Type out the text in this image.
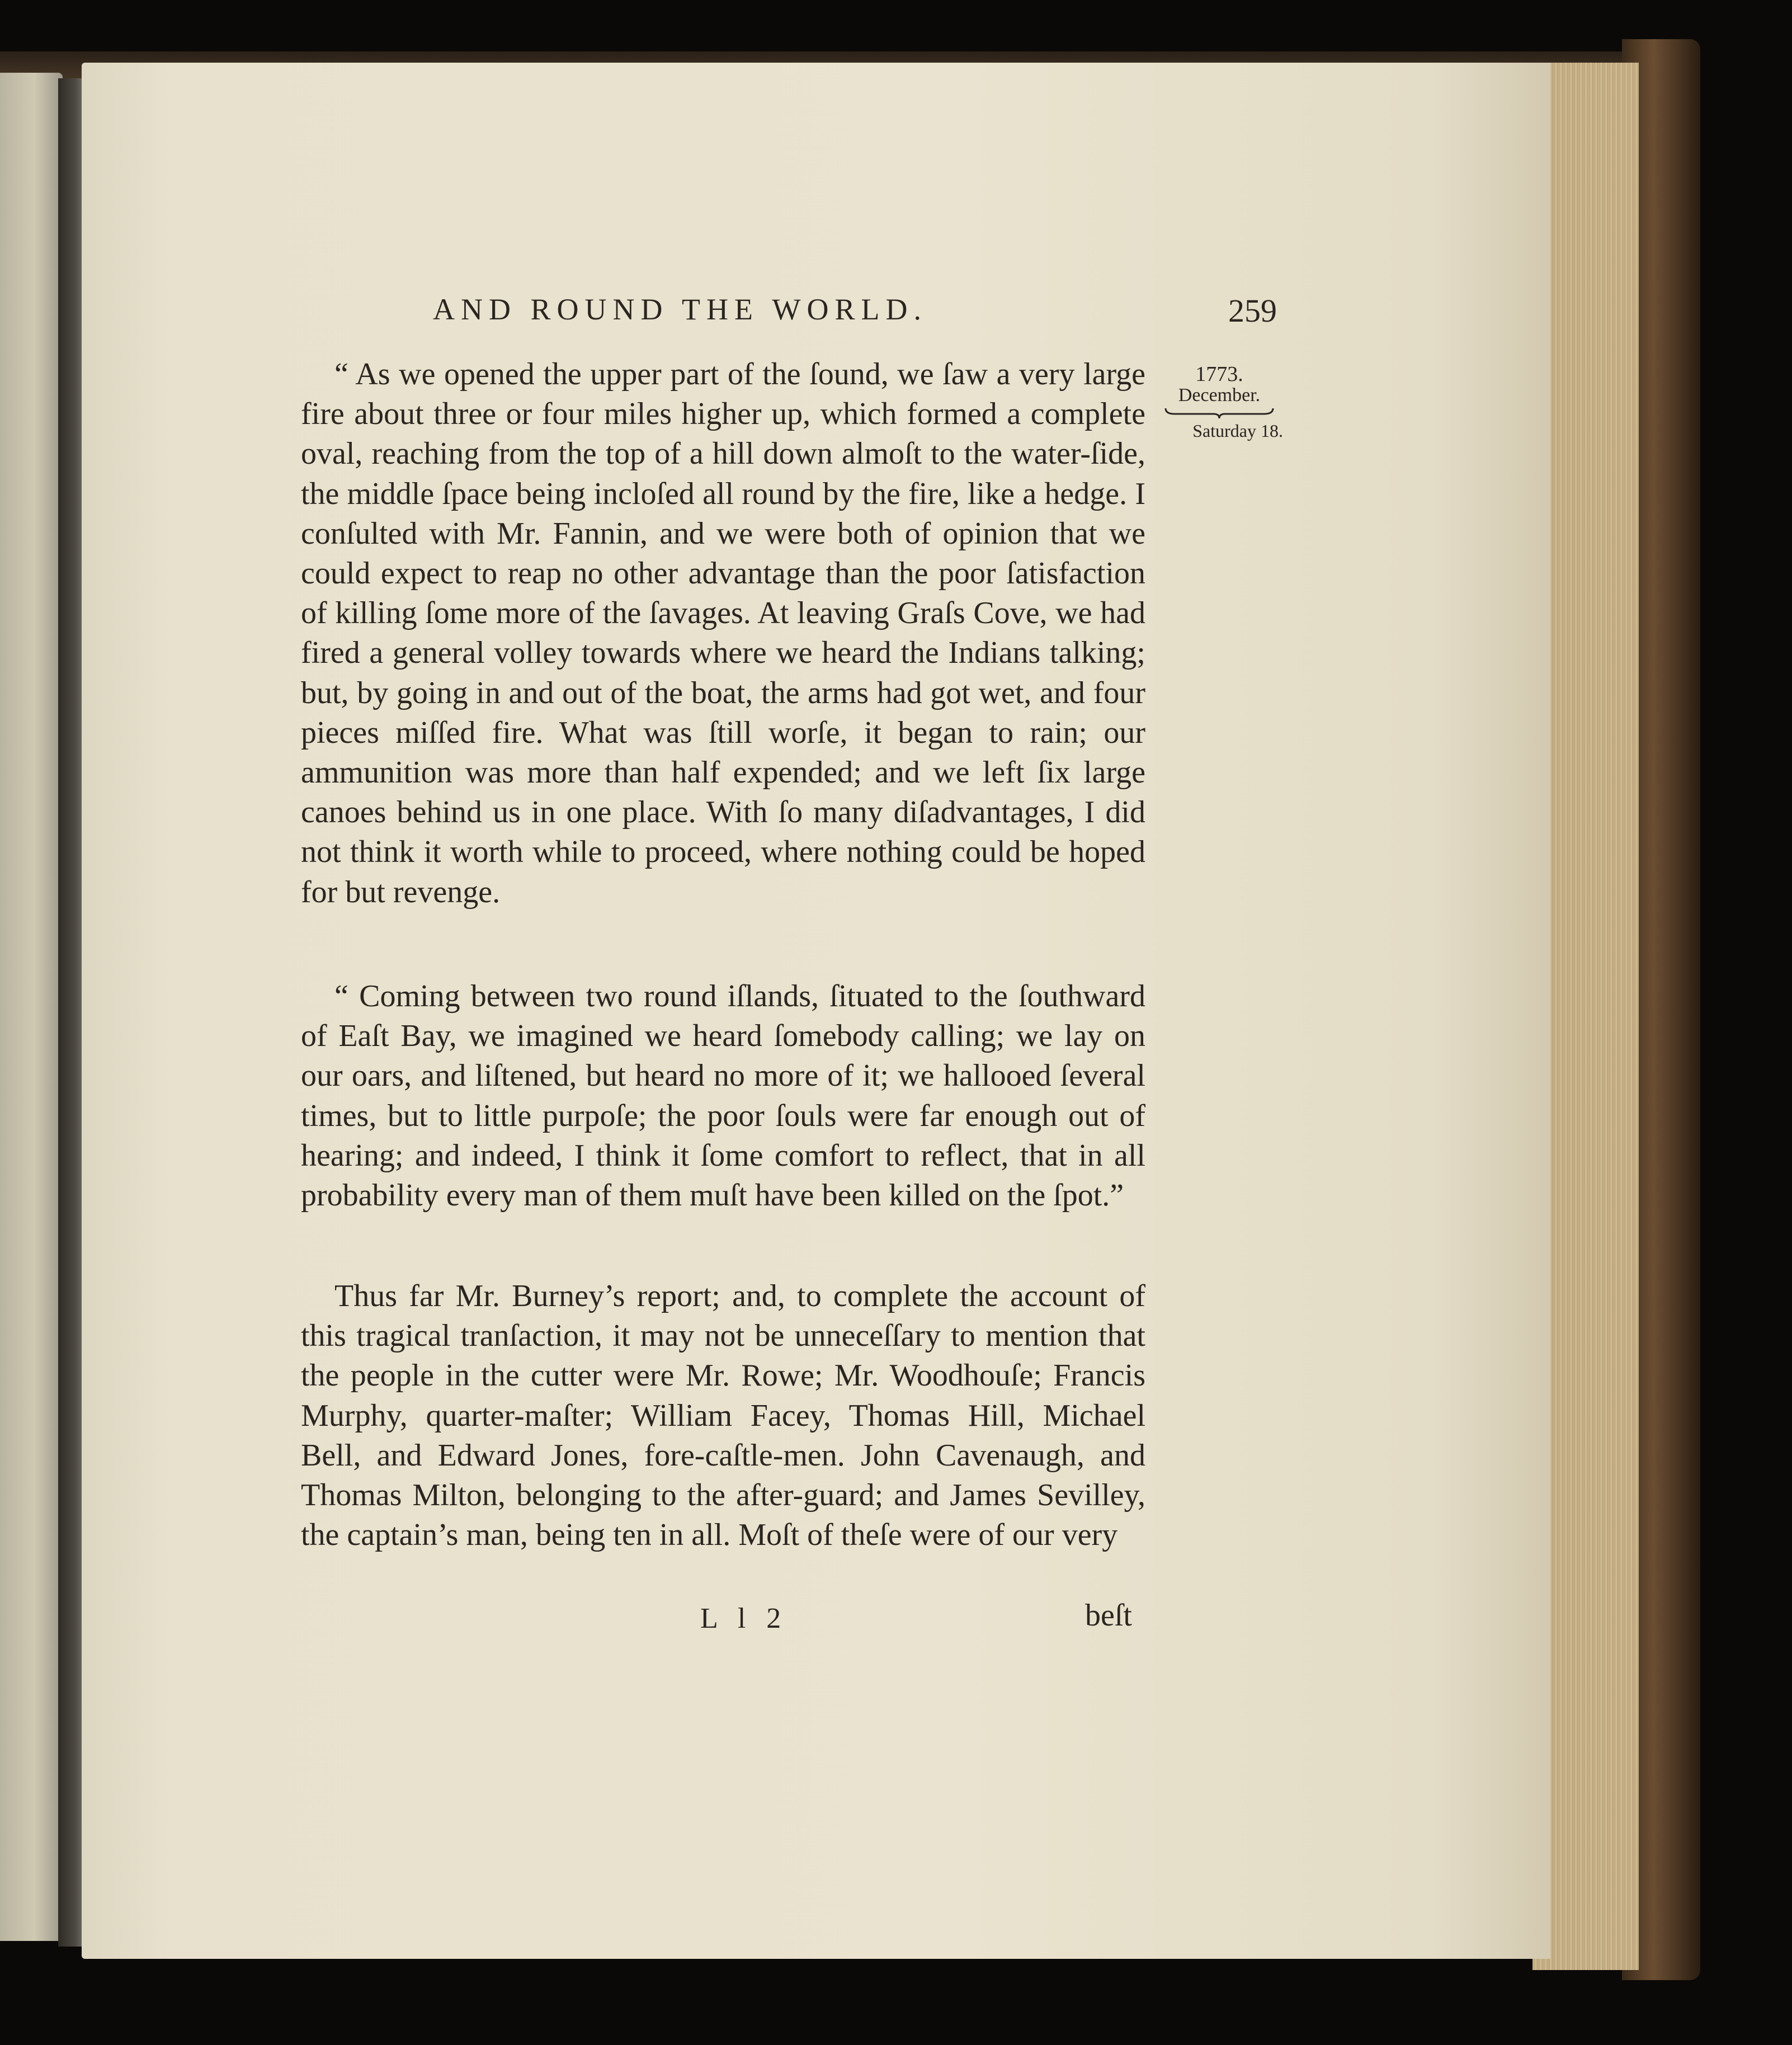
AND ROUND THE WORLD.	259
1773.
December.
Saturday 18.

“ As we opened the upper part of the ſound, we ſaw a very large fire about three or four miles higher up, which formed a complete oval, reaching from the top of a hill down almoſt to the water-ſide, the middle ſpace being incloſed all round by the fire, like a hedge. I conſulted with Mr. Fannin, and we were both of opinion that we could expect to reap no other advantage than the poor ſatisfaction of killing ſome more of the ſavages. At leaving Graſs Cove, we had fired a general volley towards where we heard the Indians talking; but, by going in and out of the boat, the arms had got wet, and four pieces miſſed fire. What was ſtill worſe, it began to rain; our ammunition was more than half expended; and we left ſix large canoes behind us in one place. With ſo many diſadvantages, I did not think it worth while to proceed, where nothing could be hoped for but revenge.

“ Coming between two round iſlands, ſituated to the ſouthward of Eaſt Bay, we imagined we heard ſomebody calling; we lay on our oars, and liſtened, but heard no more of it; we hallooed ſeveral times, but to little purpoſe; the poor ſouls were far enough out of hearing; and indeed, I think it ſome comfort to reflect, that in all probability every man of them muſt have been killed on the ſpot.”

Thus far Mr. Burney’s report; and, to complete the account of this tragical tranſaction, it may not be unneceſſary to mention that the people in the cutter were Mr. Rowe; Mr. Woodhouſe; Francis Murphy, quarter-maſter; William Facey, Thomas Hill, Michael Bell, and Edward Jones, fore-caſtle-men. John Cavenaugh, and Thomas Milton, belonging to the after-guard; and James Sevilley, the captain’s man, being ten in all. Moſt of theſe were of our very

L l 2	beſt
